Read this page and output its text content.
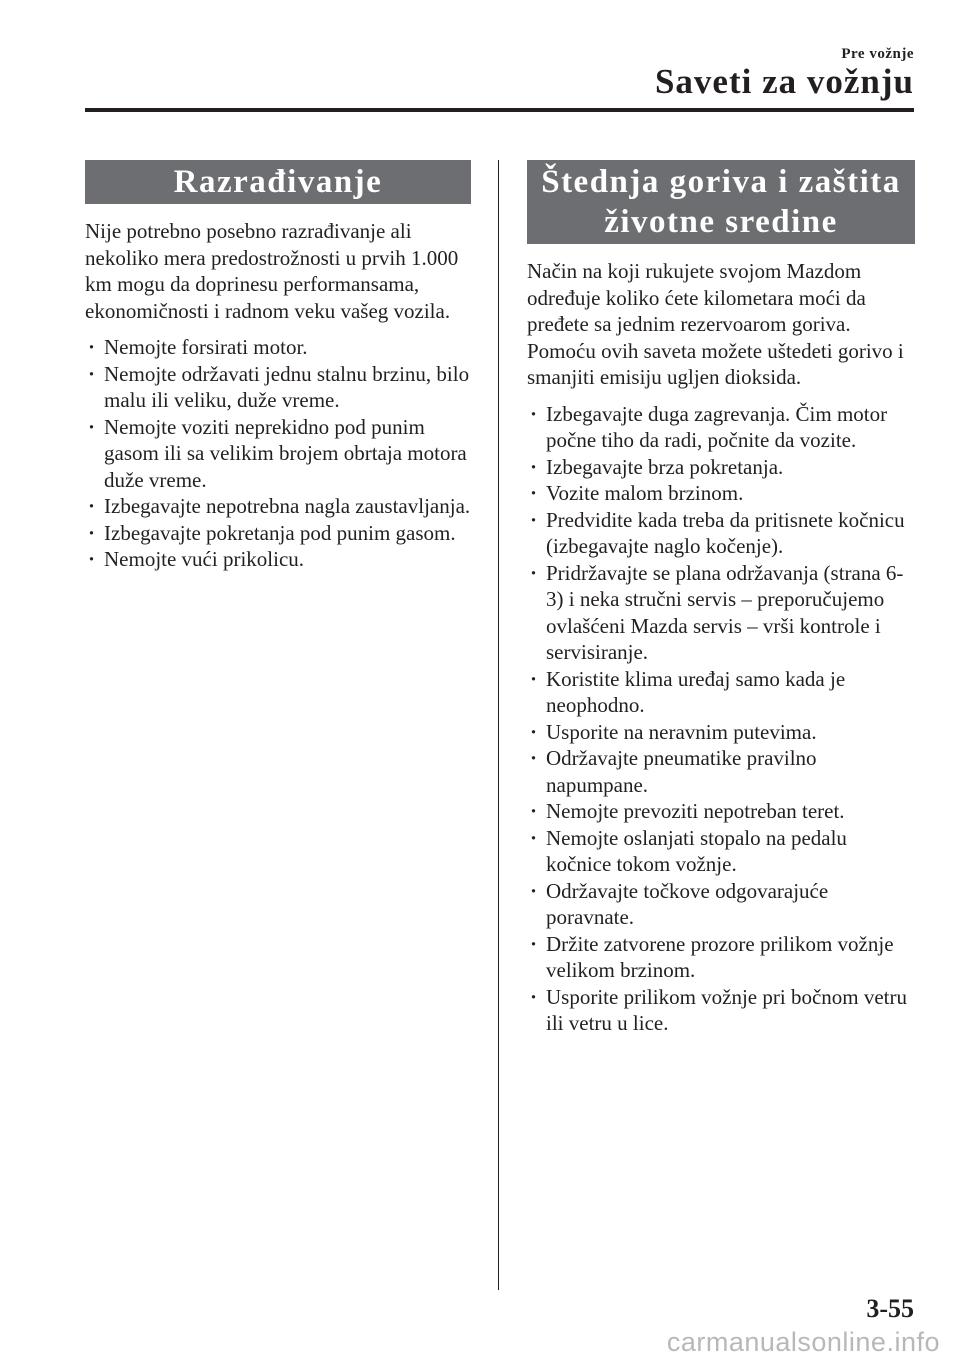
Pre vožnje
Saveti za vožnju
Razrađivanje

Nije potrebno posebno razrađivanje ali nekoliko mera predostrožnosti u prvih 1.000 km mogu da doprinesu performansama, ekonomičnosti i radnom veku vašeg vozila.

· Nemojte forsirati motor.
· Nemojte održavati jednu stalnu brzinu, bilo malu ili veliku, duže vreme.
· Nemojte voziti neprekidno pod punim gasom ili sa velikim brojem obrtaja motora duže vreme.
· Izbegavajte nepotrebna nagla zaustavljanja.
· Izbegavajte pokretanja pod punim gasom.
· Nemojte vući prikolicu.
Štednja goriva i zaštita
životne sredine

Način na koji rukujete svojom Mazdom određuje koliko ćete kilometara moći da pređete sa jednim rezervoarom goriva. Pomoću ovih saveta možete uštedeti gorivo i smanjiti emisiju ugljen dioksida.

· Izbegavajte duga zagrevanja. Čim motor počne tiho da radi, počnite da vozite.
· Izbegavajte brza pokretanja.
· Vozite malom brzinom.
· Predvidite kada treba da pritisnete kočnicu (izbegavajte naglo kočenje).
· Pridržavajte se plana održavanja (strana 6-3) i neka stručni servis – preporučujemo ovlašćeni Mazda servis – vrši kontrole i servisiranje.
· Koristite klima uređaj samo kada je neophodno.
· Usporite na neravnim putevima.
· Održavajte pneumatike pravilno napumpane.
· Nemojte prevoziti nepotreban teret.
· Nemojte oslanjati stopalo na pedalu kočnice tokom vožnje.
· Održavajte točkove odgovarajuće poravnate.
· Držite zatvorene prozore prilikom vožnje velikom brzinom.
· Usporite prilikom vožnje pri bočnom vetru ili vetru u lice.
3-55
carmanualsonline.info
